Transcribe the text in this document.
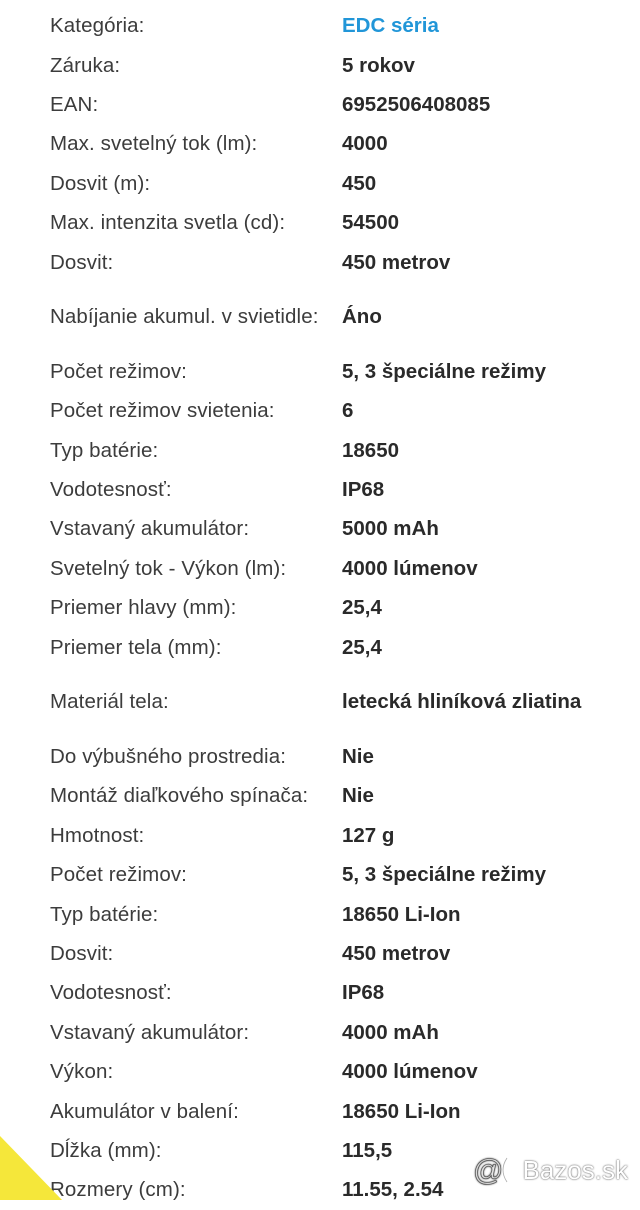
Kategória:	EDC séria
Záruka:	5 rokov
EAN:	6952506408085
Max. svetelný tok (lm):	4000
Dosvit (m):	450
Max. intenzita svetla (cd):	54500
Dosvit:	450 metrov
Nabíjanie akumul. v svietidle:	Áno
Počet režimov:	5, 3 špeciálne režimy
Počet režimov svietenia:	6
Typ batérie:	18650
Vodotesnosť:	IP68
Vstavaný akumulátor:	5000 mAh
Svetelný tok - Výkon (lm):	4000 lúmenov
Priemer hlavy (mm):	25,4
Priemer tela (mm):	25,4
Materiál tela:	letecká hliníková zliatina
Do výbušného prostredia:	Nie
Montáž diaľkového spínača:	Nie
Hmotnost:	127 g
Počet režimov:	5, 3 špeciálne režimy
Typ batérie:	18650 Li-Ion
Dosvit:	450 metrov
Vodotesnosť:	IP68
Vstavaný akumulátor:	4000 mAh
Výkon:	4000 lúmenov
Akumulátor v balení:	18650 Li-Ion
Dĺžka (mm):	115,5
Rozmery (cm):	11.55, 2.54
@ Bazos.sk
